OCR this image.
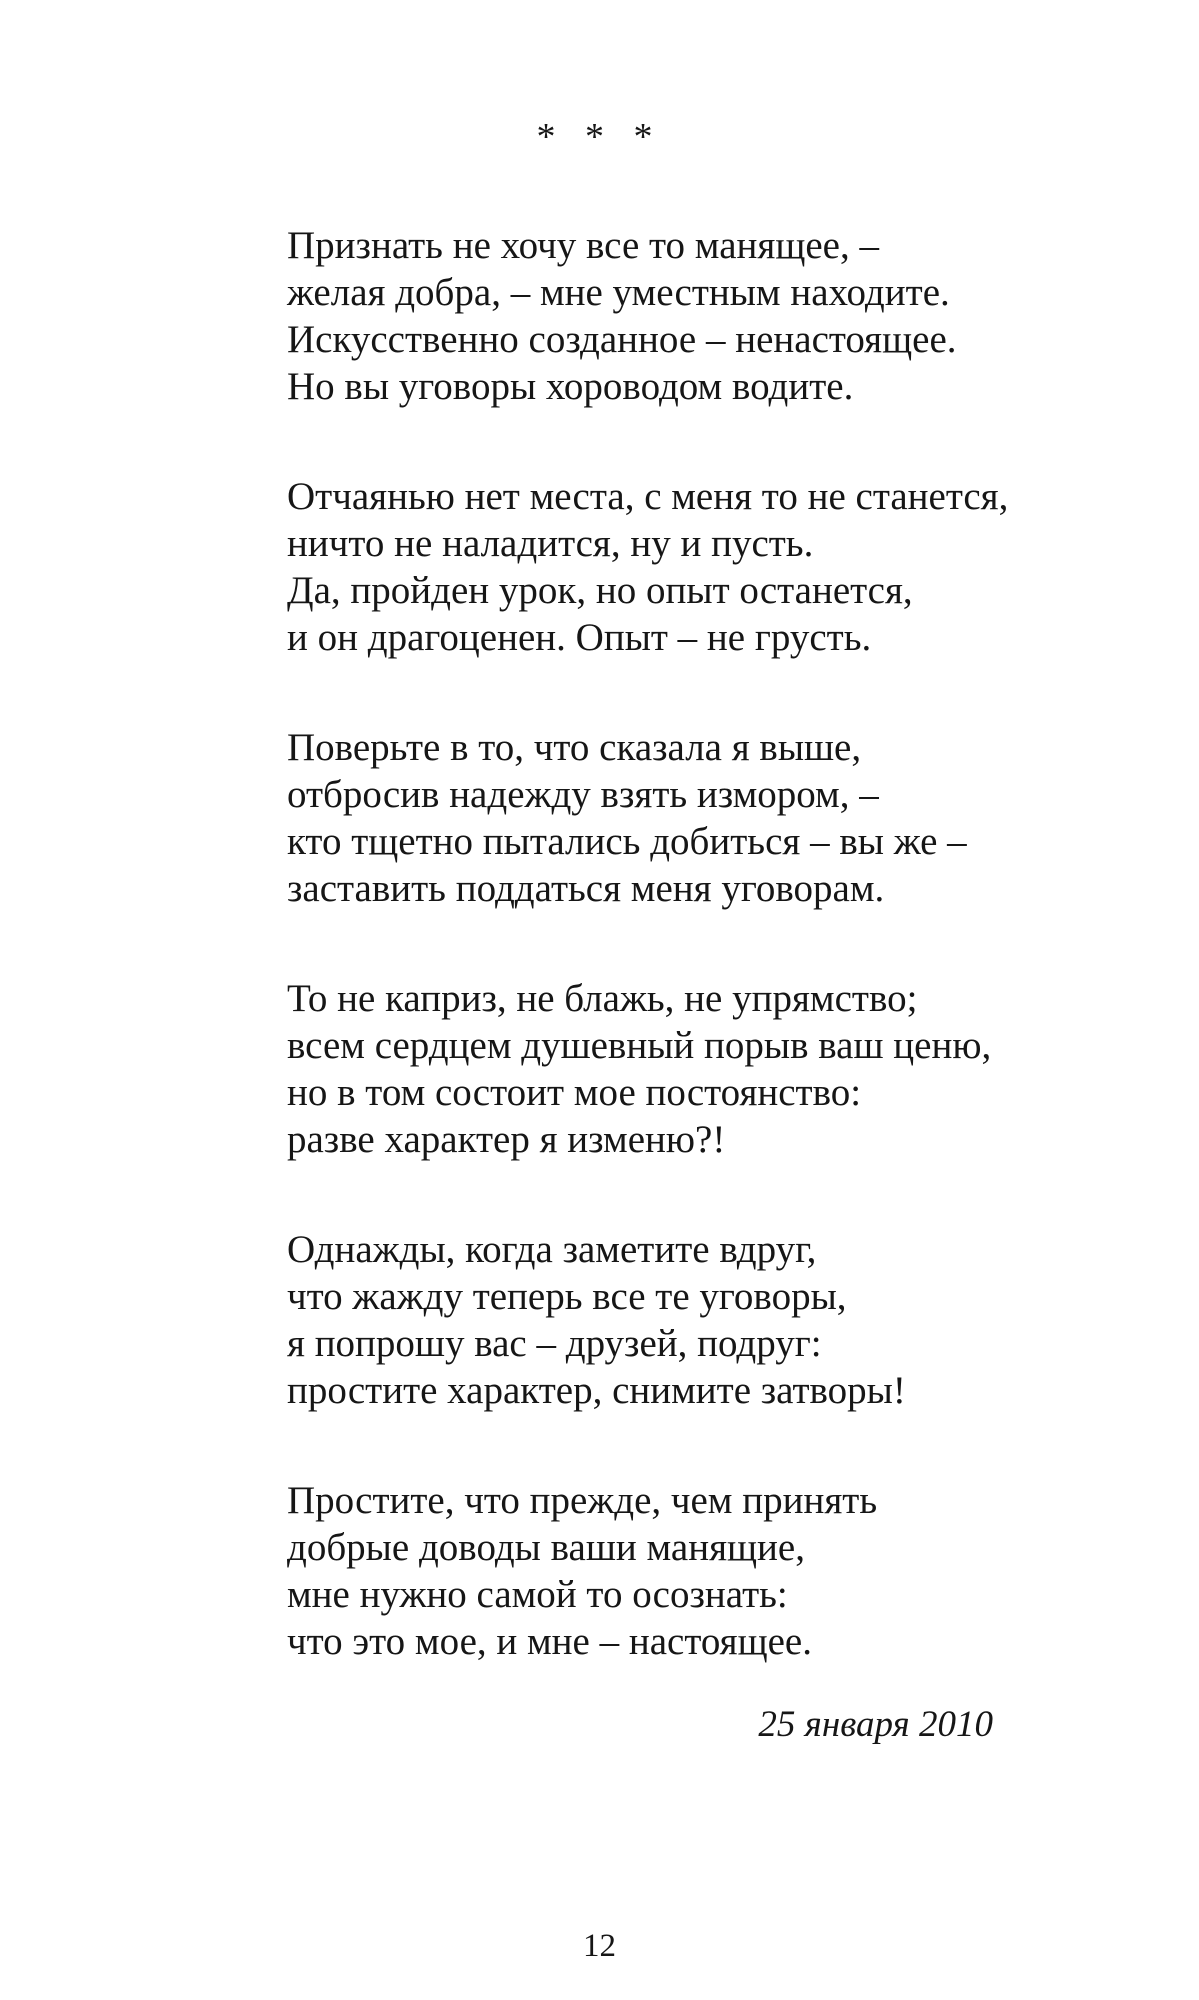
* * *
Признать не хочу все то манящее, –
желая добра, – мне уместным находите.
Искусственно созданное – ненастоящее.
Но вы уговоры хороводом водите.
Отчаянью нет места, с меня то не станется,
ничто не наладится, ну и пусть.
Да, пройден урок, но опыт останется,
и он драгоценен. Опыт – не грусть.
Поверьте в то, что сказала я выше,
отбросив надежду взять измором, –
кто тщетно пытались добиться – вы же –
заставить поддаться меня уговорам.
То не каприз, не блажь, не упрямство;
всем сердцем душевный порыв ваш ценю,
но в том состоит мое постоянство:
разве характер я изменю?!
Однажды, когда заметите вдруг,
что жажду теперь все те уговоры,
я попрошу вас – друзей, подруг:
простите характер, снимите затворы!
Простите, что прежде, чем принять
добрые доводы ваши манящие,
мне нужно самой то осознать:
что это мое, и мне – настоящее.
25 января 2010
12
